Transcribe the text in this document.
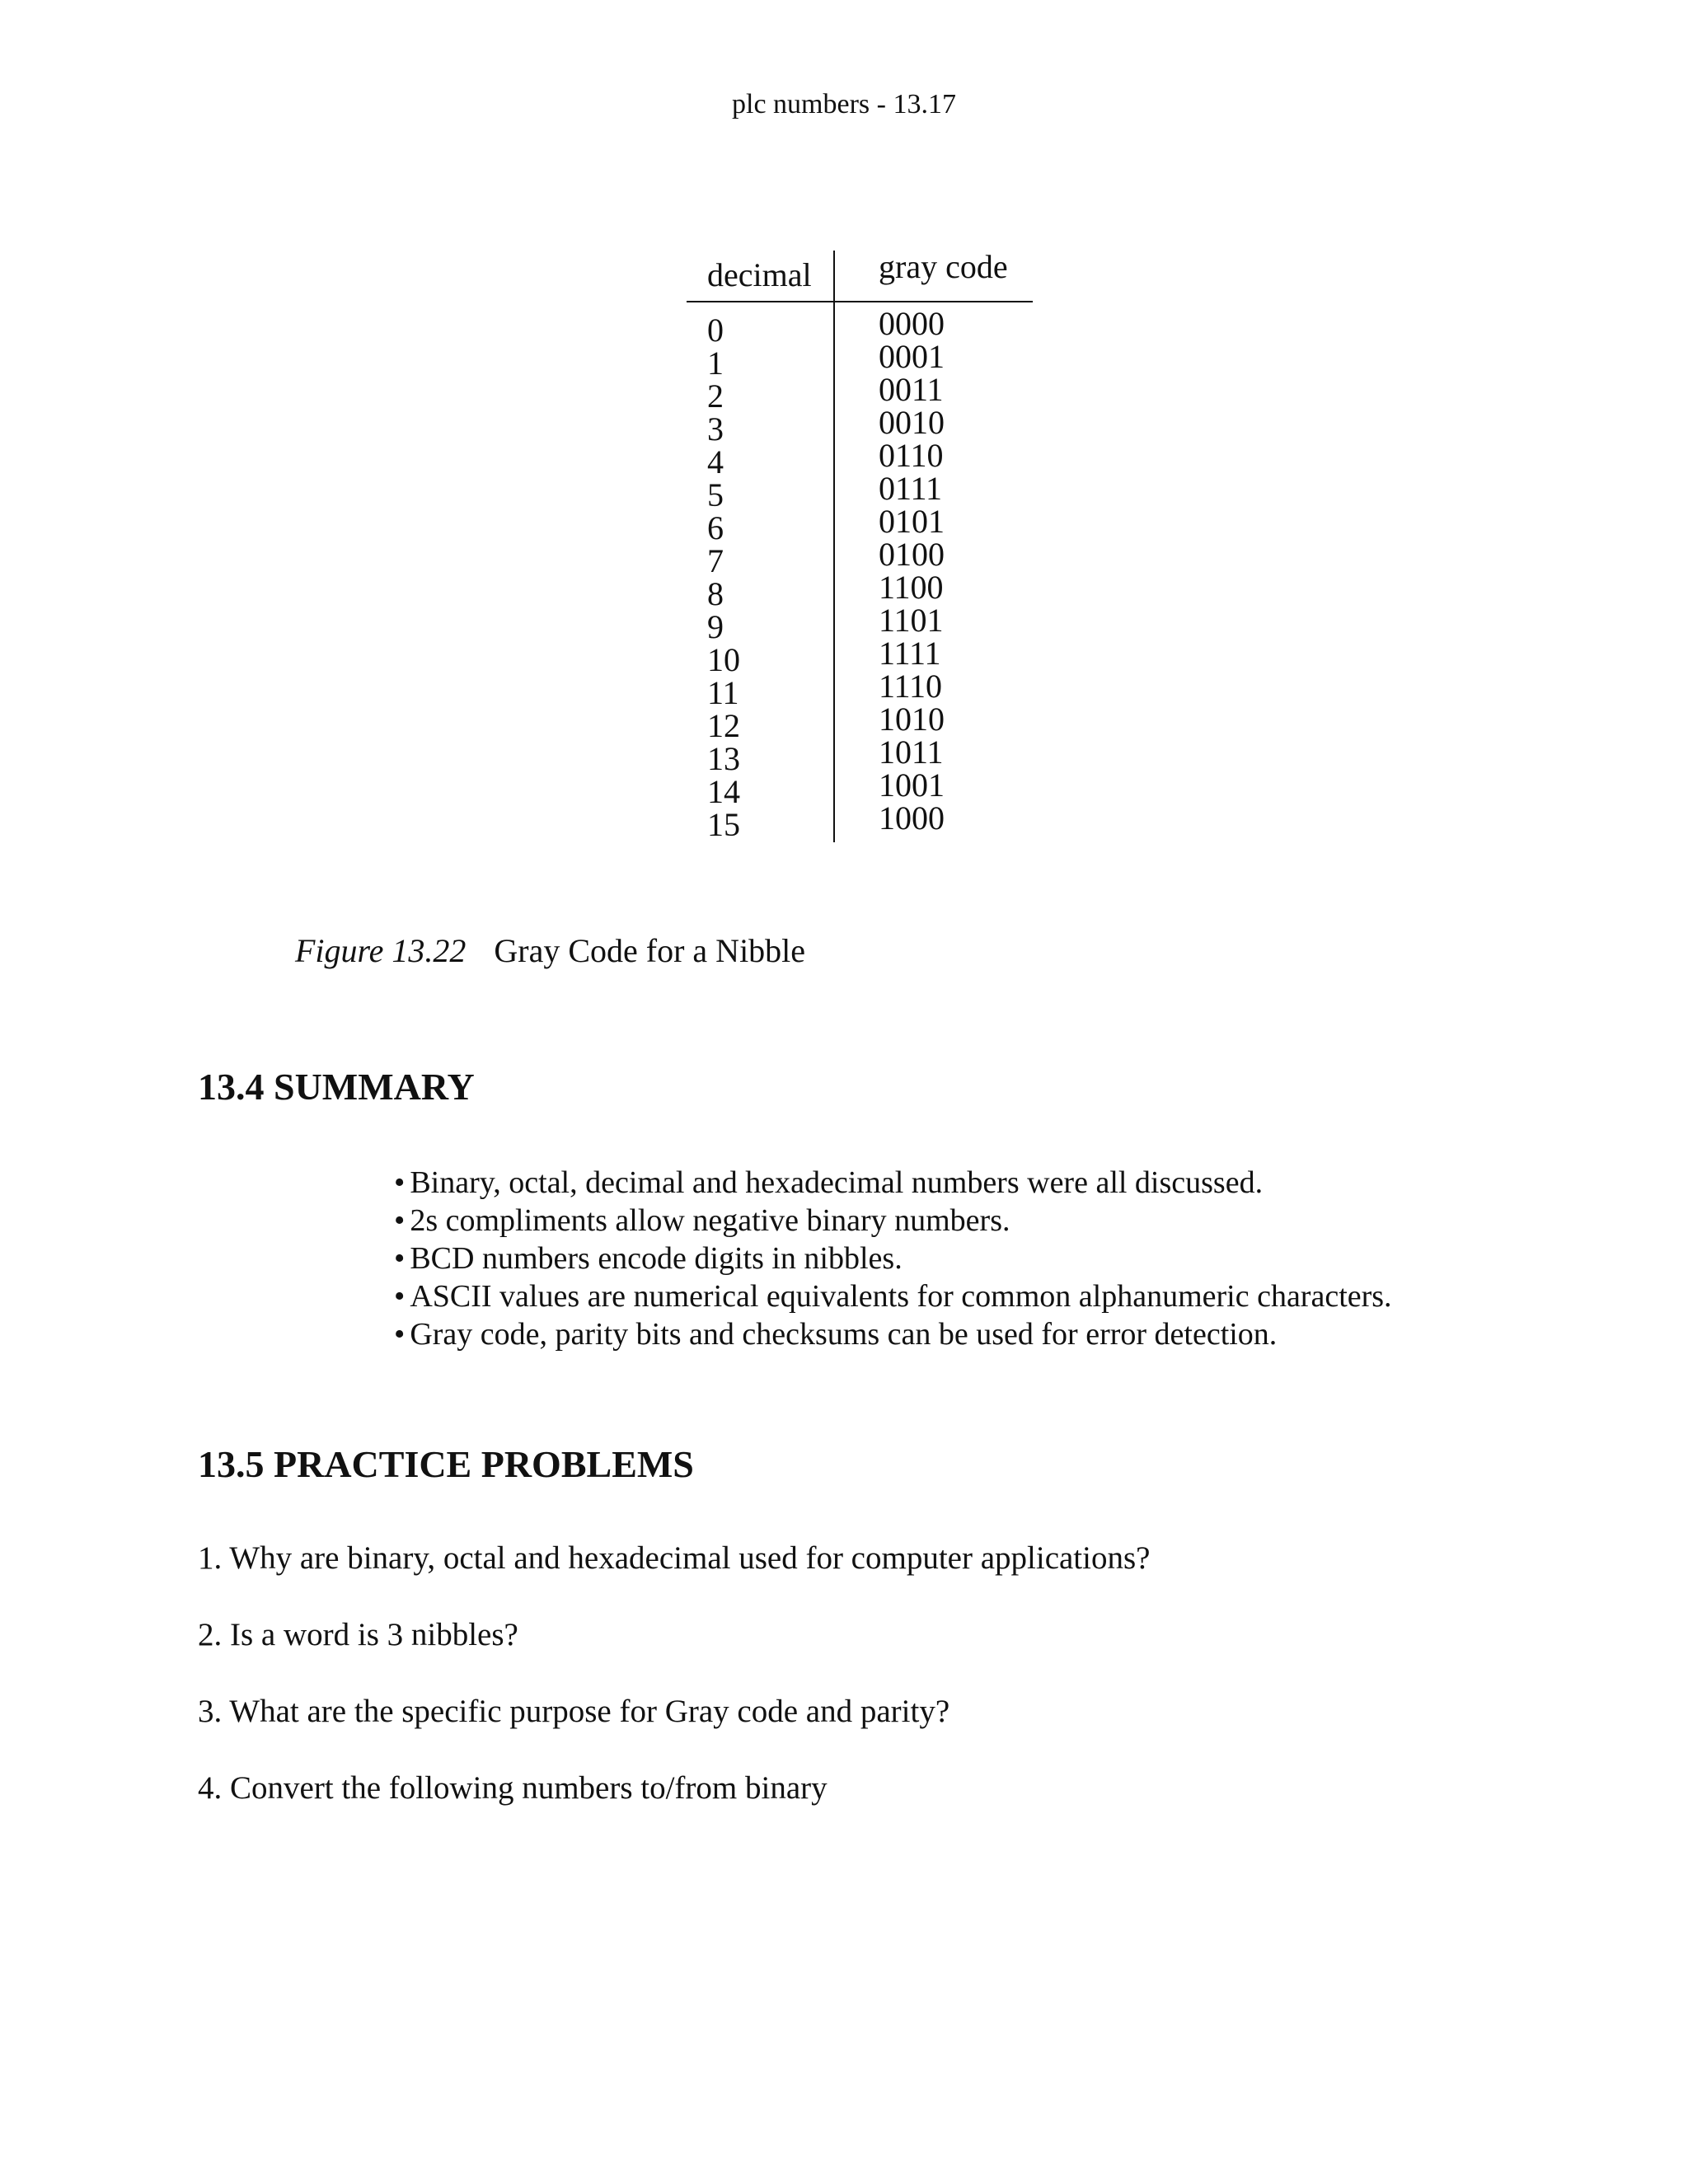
plc numbers - 13.17
decimal gray code
0
1
2
3
4
5
6
7
8
9
10
11
12
13
14
15
0000
0001
0011
0010
0110
0111
0101
0100
1100
1101
1111
1110
1010
1011
1001
1000
Figure 13.22 Gray Code for a Nibble
13.4 SUMMARY
• Binary, octal, decimal and hexadecimal numbers were all discussed.
• 2s compliments allow negative binary numbers.
• BCD numbers encode digits in nibbles.
• ASCII values are numerical equivalents for common alphanumeric characters.
• Gray code, parity bits and checksums can be used for error detection.
13.5 PRACTICE PROBLEMS
1. Why are binary, octal and hexadecimal used for computer applications?
2. Is a word is 3 nibbles?
3. What are the specific purpose for Gray code and parity?
4. Convert the following numbers to/from binary
